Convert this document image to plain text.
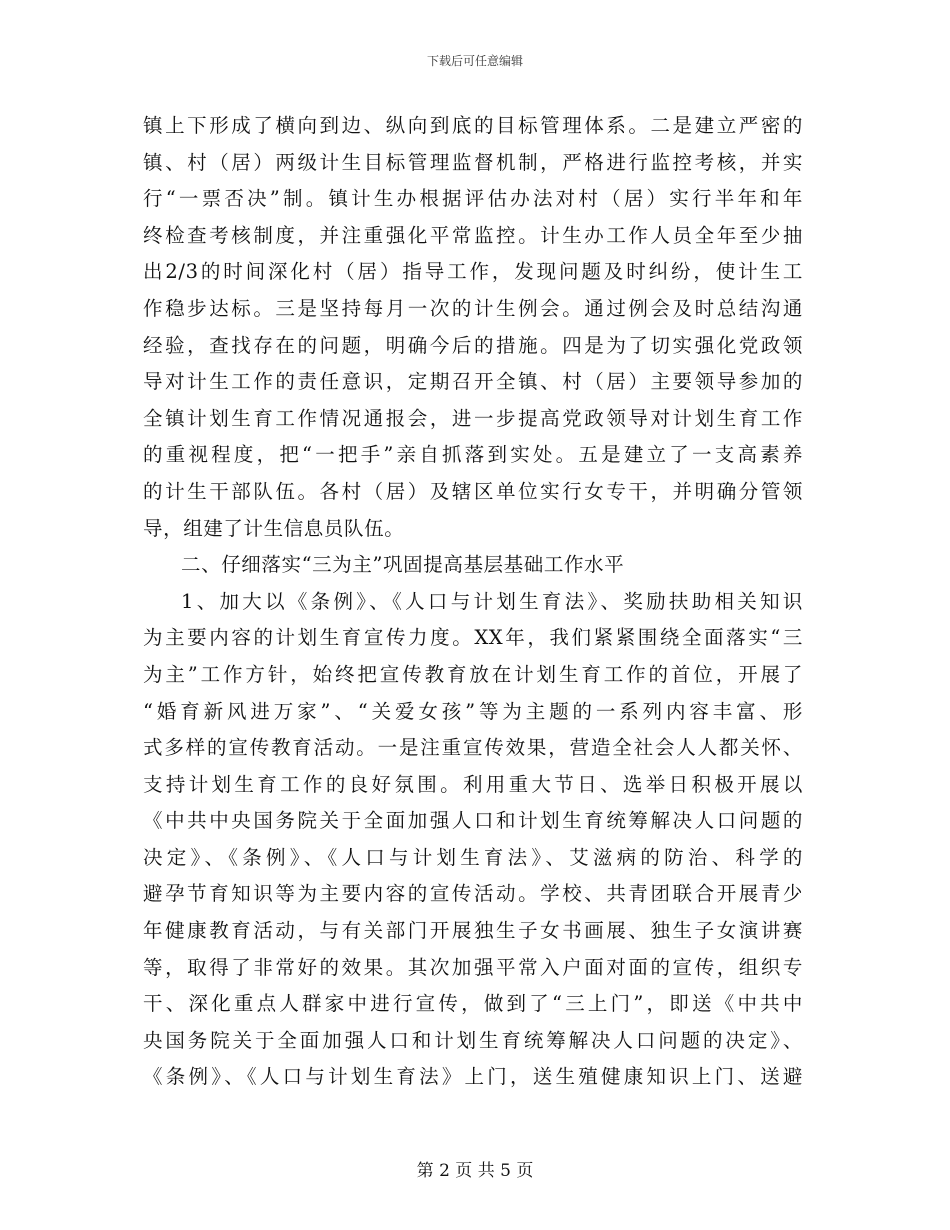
下载后可任意编辑
镇上下形成了横向到边、纵向到底的目标管理体系。二是建立严密的
镇、村（居）两级计生目标管理监督机制，严格进行监控考核，并实
行“一票否决”制。镇计生办根据评估办法对村（居）实行半年和年
终检查考核制度，并注重强化平常监控。计生办工作人员全年至少抽
出2/3的时间深化村（居）指导工作，发现问题及时纠纷，使计生工
作稳步达标。三是坚持每月一次的计生例会。通过例会及时总结沟通
经验，查找存在的问题，明确今后的措施。四是为了切实强化党政领
导对计生工作的责任意识，定期召开全镇、村（居）主要领导参加的
全镇计划生育工作情况通报会，进一步提高党政领导对计划生育工作
的重视程度，把“一把手”亲自抓落到实处。五是建立了一支高素养
的计生干部队伍。各村（居）及辖区单位实行女专干，并明确分管领
导，组建了计生信息员队伍。
二、仔细落实“三为主”巩固提高基层基础工作水平
1、加大以《条例》、《人口与计划生育法》、奖励扶助相关知识
为主要内容的计划生育宣传力度。XX年，我们紧紧围绕全面落实“三
为主”工作方针，始终把宣传教育放在计划生育工作的首位，开展了
“婚育新风进万家”、“关爱女孩”等为主题的一系列内容丰富、形
式多样的宣传教育活动。一是注重宣传效果，营造全社会人人都关怀、
支持计划生育工作的良好氛围。利用重大节日、选举日积极开展以
《中共中央国务院关于全面加强人口和计划生育统筹解决人口问题的
决定》、《条例》、《人口与计划生育法》、艾滋病的防治、科学的
避孕节育知识等为主要内容的宣传活动。学校、共青团联合开展青少
年健康教育活动，与有关部门开展独生子女书画展、独生子女演讲赛
等，取得了非常好的效果。其次加强平常入户面对面的宣传，组织专
干、深化重点人群家中进行宣传，做到了“三上门”，即送《中共中
央国务院关于全面加强人口和计划生育统筹解决人口问题的决定》、
《条例》、《人口与计划生育法》上门，送生殖健康知识上门、送避
第 2 页 共 5 页
